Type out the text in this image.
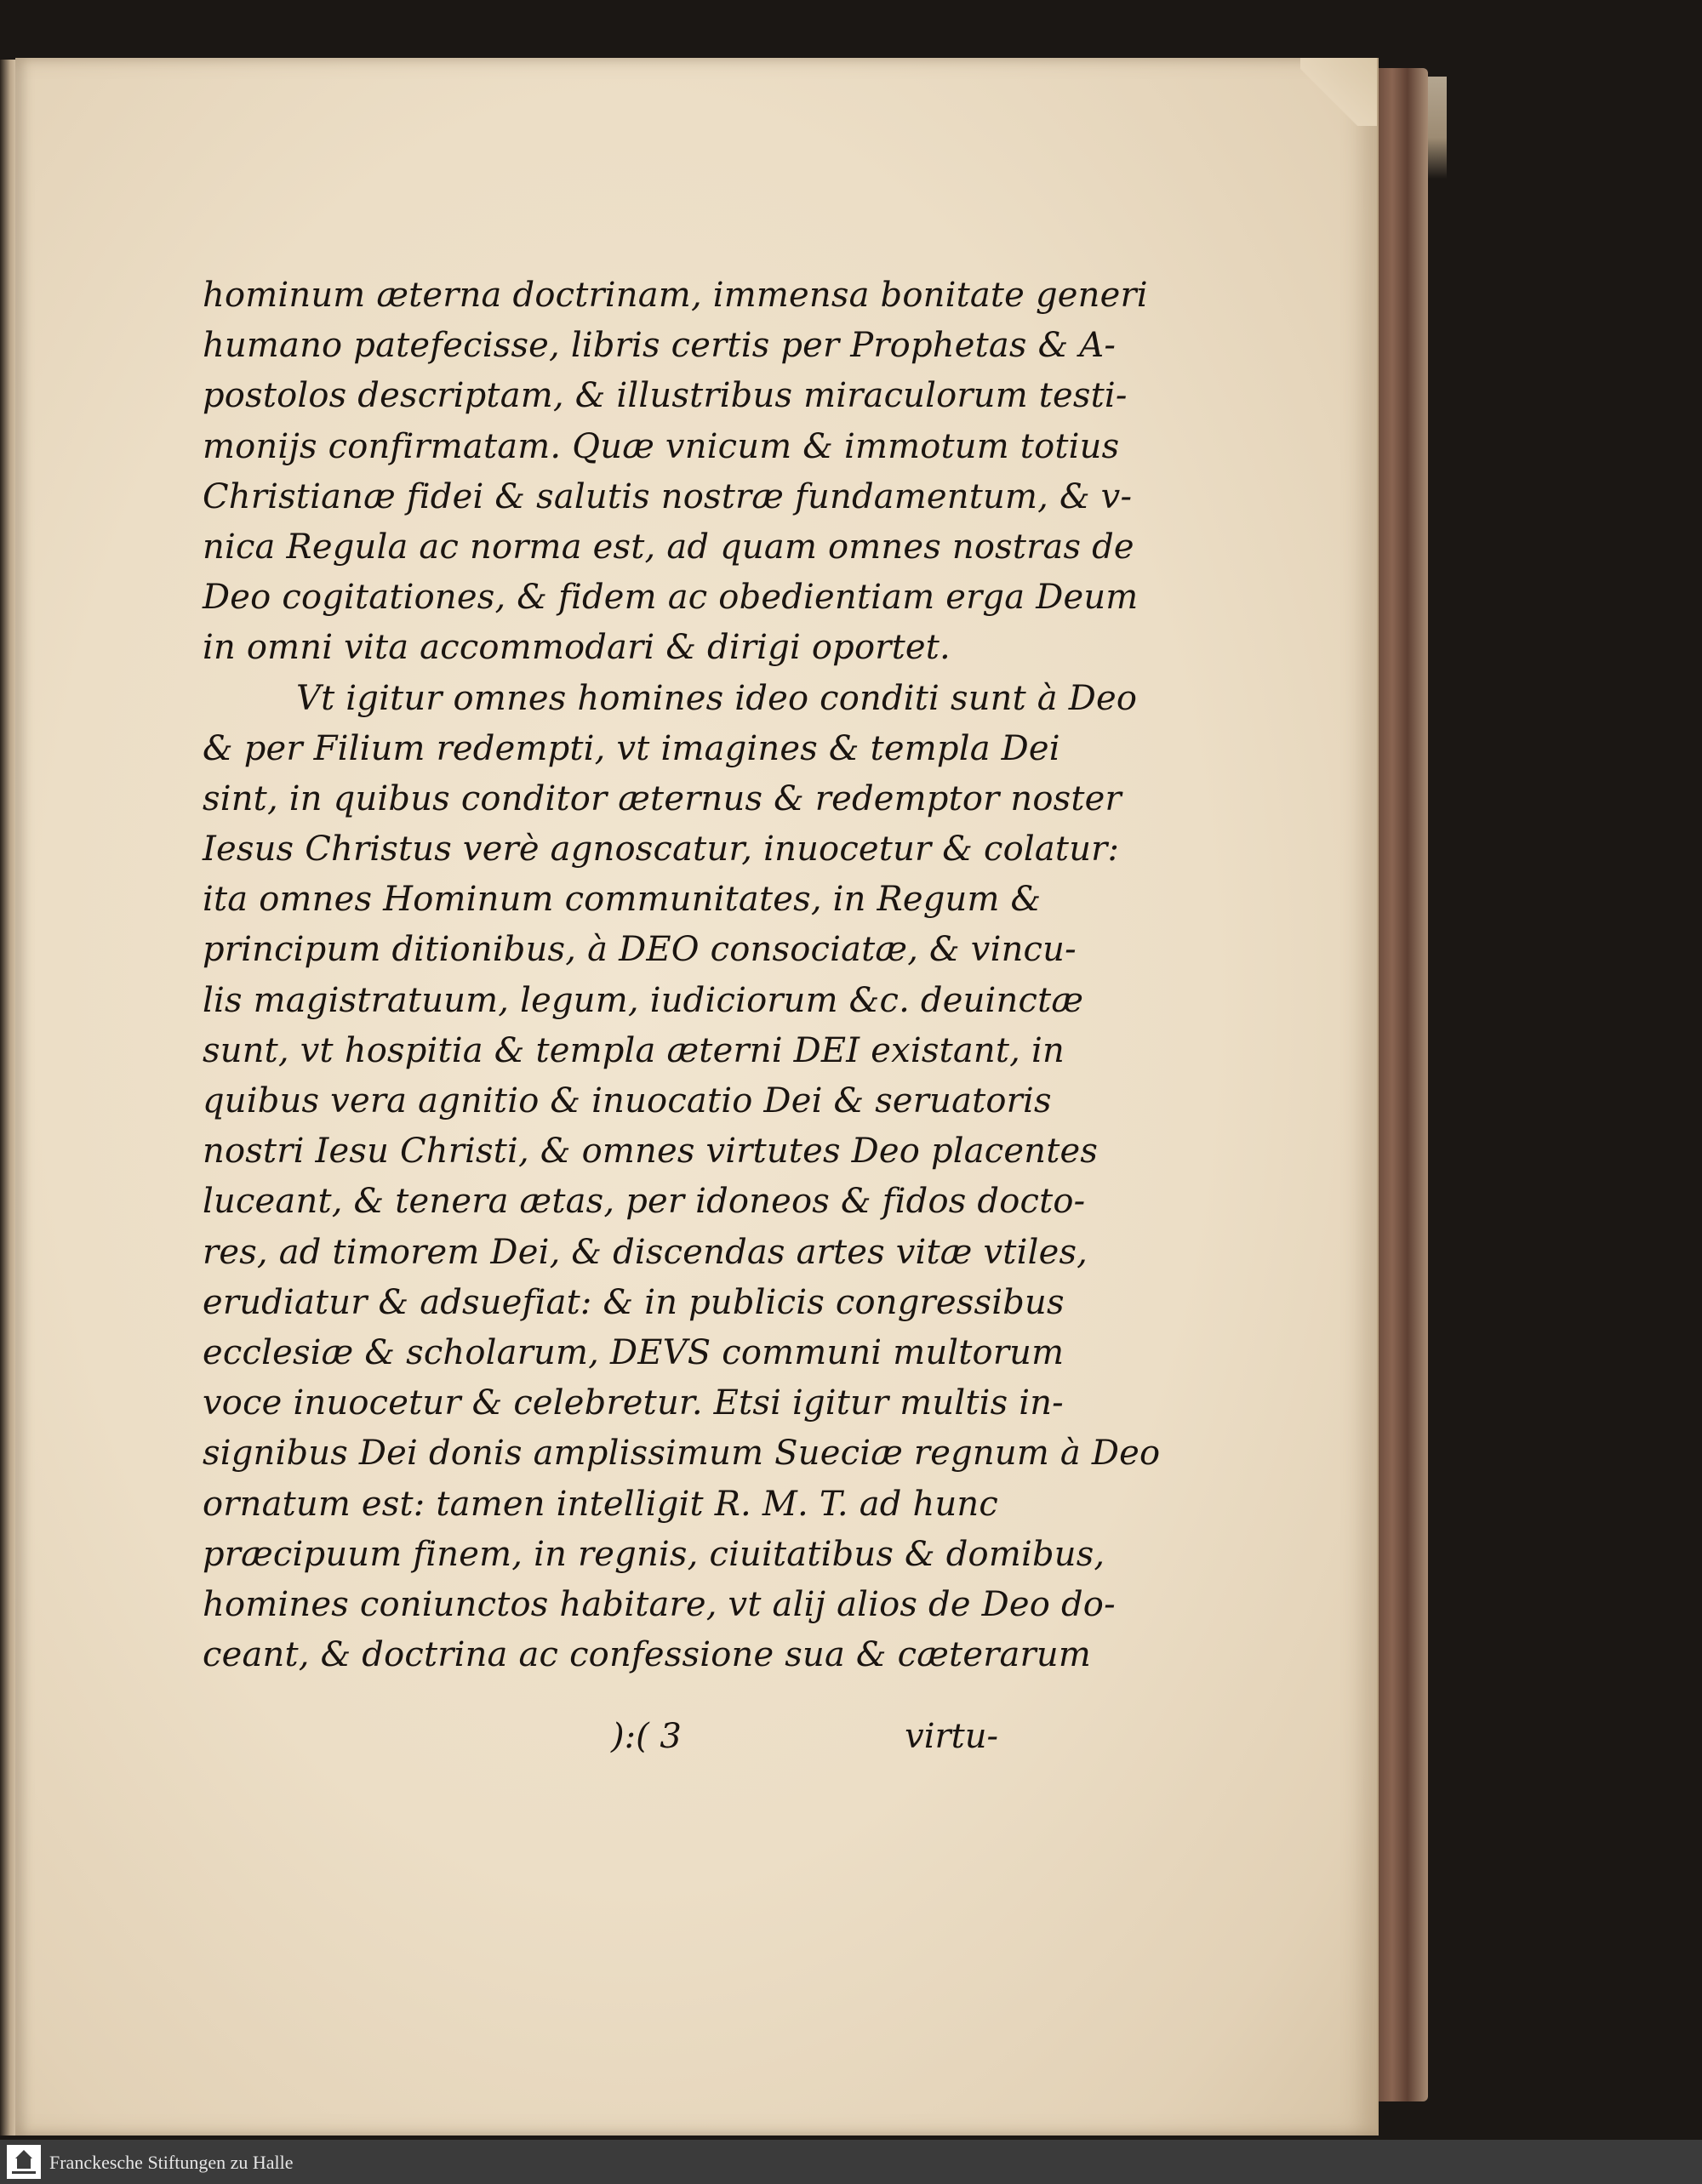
hominum æterna doctrinam, immensa bonitate generi
humano patefecisse, libris certis per Prophetas & A-
postolos descriptam, & illustribus miraculorum testi-
monijs confirmatam. Quæ vnicum & immotum totius
Christianæ fidei & salutis nostræ fundamentum, & v-
nica Regula ac norma est, ad quam omnes nostras de
Deo cogitationes, & fidem ac obedientiam erga Deum
in omni vita accommodari & dirigi oportet.
Vt igitur omnes homines ideo conditi sunt à Deo
& per Filium redempti, vt imagines & templa Dei
sint, in quibus conditor æternus & redemptor noster
Iesus Christus verè agnoscatur, inuocetur & colatur:
ita omnes Hominum communitates, in Regum &
principum ditionibus, à DEO consociatæ, & vincu-
lis magistratuum, legum, iudiciorum &c. deuinctæ
sunt, vt hospitia & templa æterni DEI existant, in
quibus vera agnitio & inuocatio Dei & seruatoris
nostri Iesu Christi, & omnes virtutes Deo placentes
luceant, & tenera ætas, per idoneos & fidos docto-
res, ad timorem Dei, & discendas artes vitæ vtiles,
erudiatur & adsuefiat: & in publicis congressibus
ecclesiæ & scholarum, DEVS communi multorum
voce inuocetur & celebretur. Etsi igitur multis in-
signibus Dei donis amplissimum Sueciæ regnum à Deo
ornatum est: tamen intelligit R. M. T. ad hunc
præcipuum finem, in regnis, ciuitatibus & domibus,
homines coniunctos habitare, vt alij alios de Deo do-
ceant, & doctrina ac confessione sua & cæterarum
):( 3	virtu-
Franckesche Stiftungen zu Halle
